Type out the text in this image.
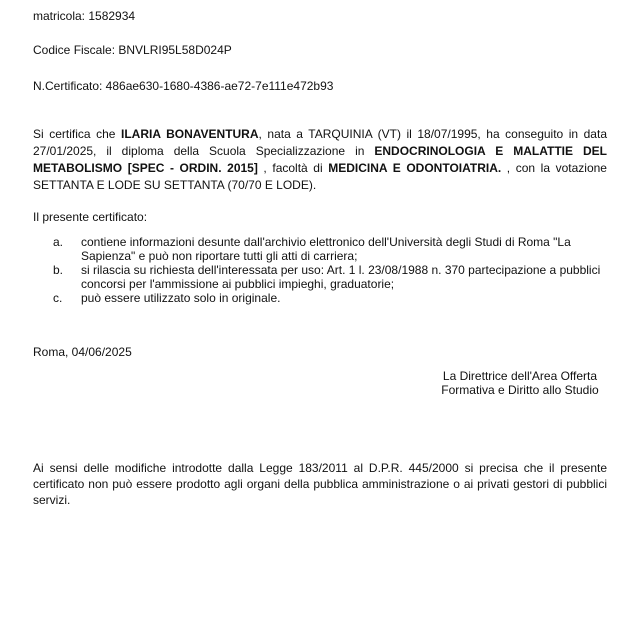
matricola: 1582934
Codice Fiscale: BNVLRI95L58D024P
N.Certificato: 486ae630-1680-4386-ae72-7e111e472b93
Si certifica che ILARIA BONAVENTURA, nata a TARQUINIA (VT) il 18/07/1995, ha conseguito in data 27/01/2025, il diploma della Scuola Specializzazione in ENDOCRINOLOGIA E MALATTIE DEL METABOLISMO [SPEC - ORDIN. 2015] , facoltà di MEDICINA E ODONTOIATRIA. , con la votazione SETTANTA E LODE SU SETTANTA (70/70 E LODE).
Il presente certificato:
a. contiene informazioni desunte dall'archivio elettronico dell'Università degli Studi di Roma "La Sapienza" e può non riportare tutti gli atti di carriera;
b. si rilascia su richiesta dell'interessata per uso: Art. 1 l. 23/08/1988 n. 370 partecipazione a pubblici concorsi per l'ammissione ai pubblici impieghi, graduatorie;
c. può essere utilizzato solo in originale.
Roma, 04/06/2025
La Direttrice dell'Area Offerta
Formativa e Diritto allo Studio
Ai sensi delle modifiche introdotte dalla Legge 183/2011 al D.P.R. 445/2000 si precisa che il presente certificato non può essere prodotto agli organi della pubblica amministrazione o ai privati gestori di pubblici servizi.
